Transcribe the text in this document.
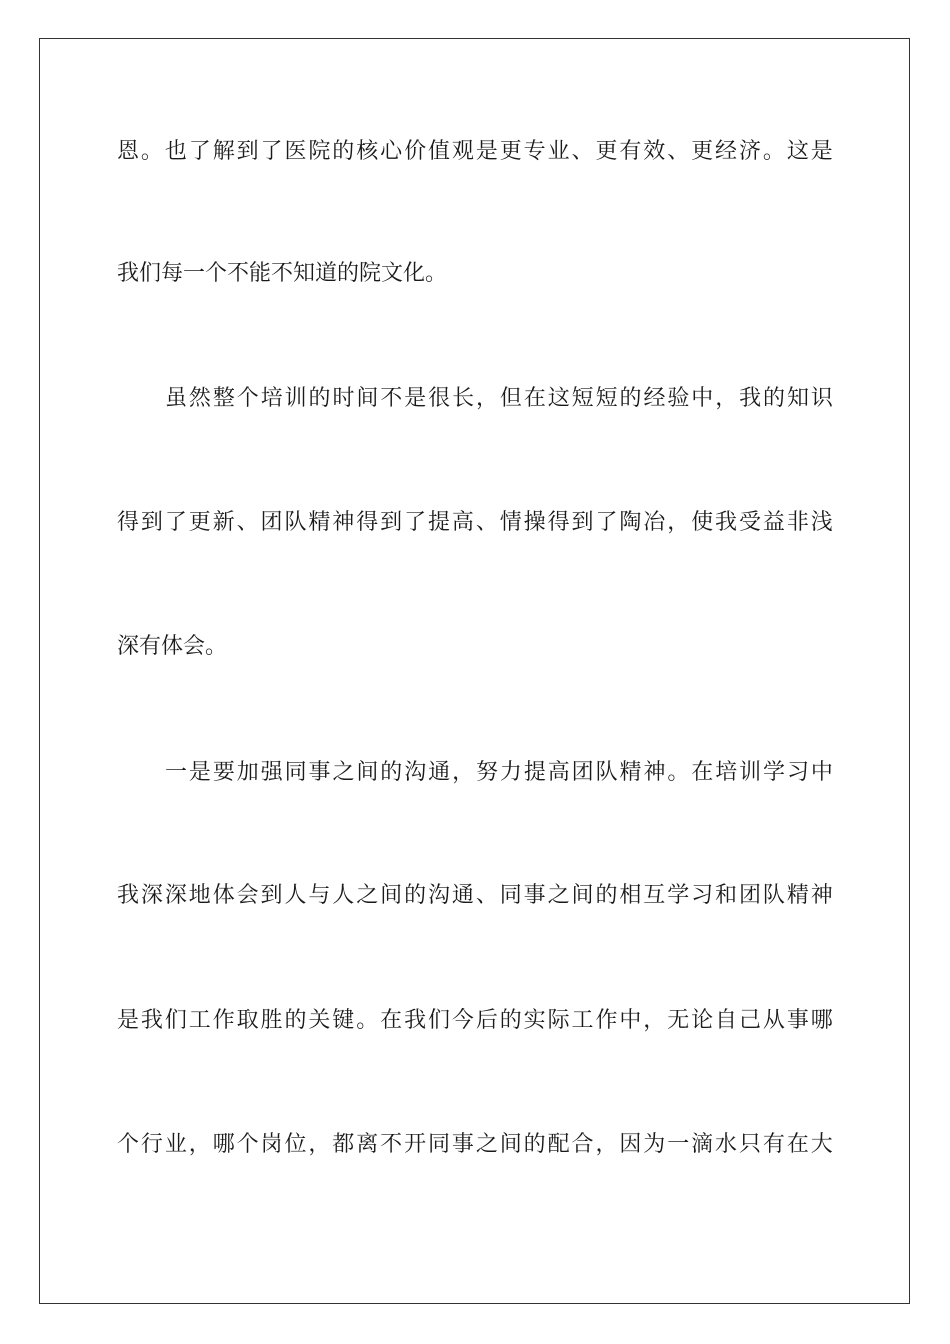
恩 。 也 了 解 到 了 医 院 的 核 心 价 值 观 是 更 专 业 、 更 有 效 、 更 经 济 。 这 是
我们每一个不能不知道的院文化。
虽 然 整 个 培 训 的 时 间 不 是 很 长 ， 但 在 这 短 短 的 经 验 中 ， 我 的 知 识
得 到 了 更 新 、 团 队 精 神 得 到 了 提 高 、 情 操 得 到 了 陶 冶 ， 使 我 受 益 非 浅
深有体会。
一 是 要 加 强 同 事 之 间 的 沟 通 ， 努 力 提 高 团 队 精 神 。 在 培 训 学 习 中
我 深 深 地 体 会 到 人 与 人 之 间 的 沟 通 、 同 事 之 间 的 相 互 学 习 和 团 队 精 神
是 我 们 工 作 取 胜 的 关 键 。 在 我 们 今 后 的 实 际 工 作 中 ， 无 论 自 己 从 事 哪
个 行 业 ， 哪 个 岗 位 ， 都 离 不 开 同 事 之 间 的 配 合 ， 因 为 一 滴 水 只 有 在 大
